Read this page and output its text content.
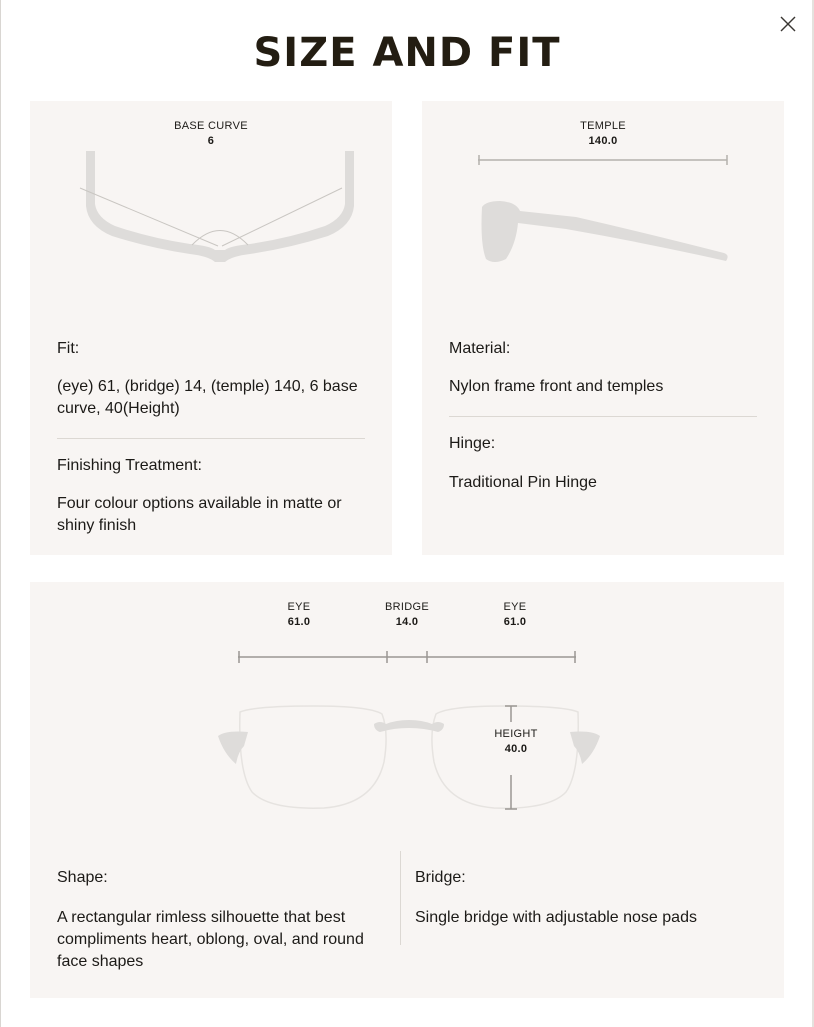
SIZE AND FIT
BASE CURVE
6
Fit:
(eye) 61, (bridge) 14, (temple) 140, 6 base curve, 40(Height)
Finishing Treatment:
Four colour options available in matte or shiny finish
TEMPLE
140.0
Material:
Nylon frame front and temples
Hinge:
Traditional Pin Hinge
EYE
61.0
BRIDGE
14.0
EYE
61.0
HEIGHT
40.0
Shape:
A rectangular rimless silhouette that best compliments heart, oblong, oval, and round face shapes
Bridge:
Single bridge with adjustable nose pads
